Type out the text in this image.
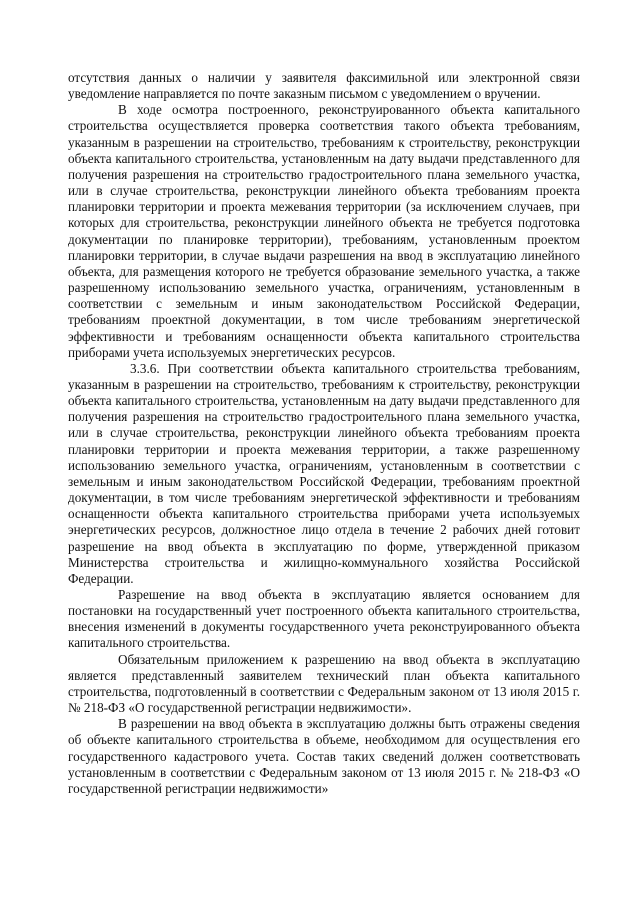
отсутствия данных о наличии у заявителя факсимильной или электронной связи уведомление направляется по почте заказным письмом с уведомлением о вручении.

В ходе осмотра построенного, реконструированного объекта капитального строительства осуществляется проверка соответствия такого объекта требованиям, указанным в разрешении на строительство, требованиям к строительству, реконструкции объекта капитального строительства, установленным на дату выдачи представленного для получения разрешения на строительство градостроительного плана земельного участка, или в случае строительства, реконструкции линейного объекта требованиям проекта планировки территории и проекта межевания территории (за исключением случаев, при которых для строительства, реконструкции линейного объекта не требуется подготовка документации по планировке территории), требованиям, установленным проектом планировки территории, в случае выдачи разрешения на ввод в эксплуатацию линейного объекта, для размещения которого не требуется образование земельного участка, а также разрешенному использованию земельного участка, ограничениям, установленным в соответствии с земельным и иным законодательством Российской Федерации, требованиям проектной документации, в том числе требованиям энергетической эффективности и требованиям оснащенности объекта капитального строительства приборами учета используемых энергетических ресурсов.

3.3.6. При соответствии объекта капитального строительства требованиям, указанным в разрешении на строительство, требованиям к строительству, реконструкции объекта капитального строительства, установленным на дату выдачи представленного для получения разрешения на строительство градостроительного плана земельного участка, или в случае строительства, реконструкции линейного объекта требованиям проекта планировки территории и проекта межевания территории, а также разрешенному использованию земельного участка, ограничениям, установленным в соответствии с земельным и иным законодательством Российской Федерации, требованиям проектной документации, в том числе требованиям энергетической эффективности и требованиям оснащенности объекта капитального строительства приборами учета используемых энергетических ресурсов, должностное лицо отдела в течение 2 рабочих дней готовит разрешение на ввод объекта в эксплуатацию по форме, утвержденной приказом Министерства строительства и жилищно-коммунального хозяйства Российской Федерации.

Разрешение на ввод объекта в эксплуатацию является основанием для постановки на государственный учет построенного объекта капитального строительства, внесения изменений в документы государственного учета реконструированного объекта капитального строительства.

Обязательным приложением к разрешению на ввод объекта в эксплуатацию является представленный заявителем технический план объекта капитального строительства, подготовленный в соответствии с Федеральным законом от 13 июля 2015 г. № 218-ФЗ «О государственной регистрации недвижимости».

В разрешении на ввод объекта в эксплуатацию должны быть отражены сведения об объекте капитального строительства в объеме, необходимом для осуществления его государственного кадастрового учета. Состав таких сведений должен соответствовать установленным в соответствии с Федеральным законом от 13 июля 2015 г. № 218-ФЗ «О государственной регистрации недвижимости»
